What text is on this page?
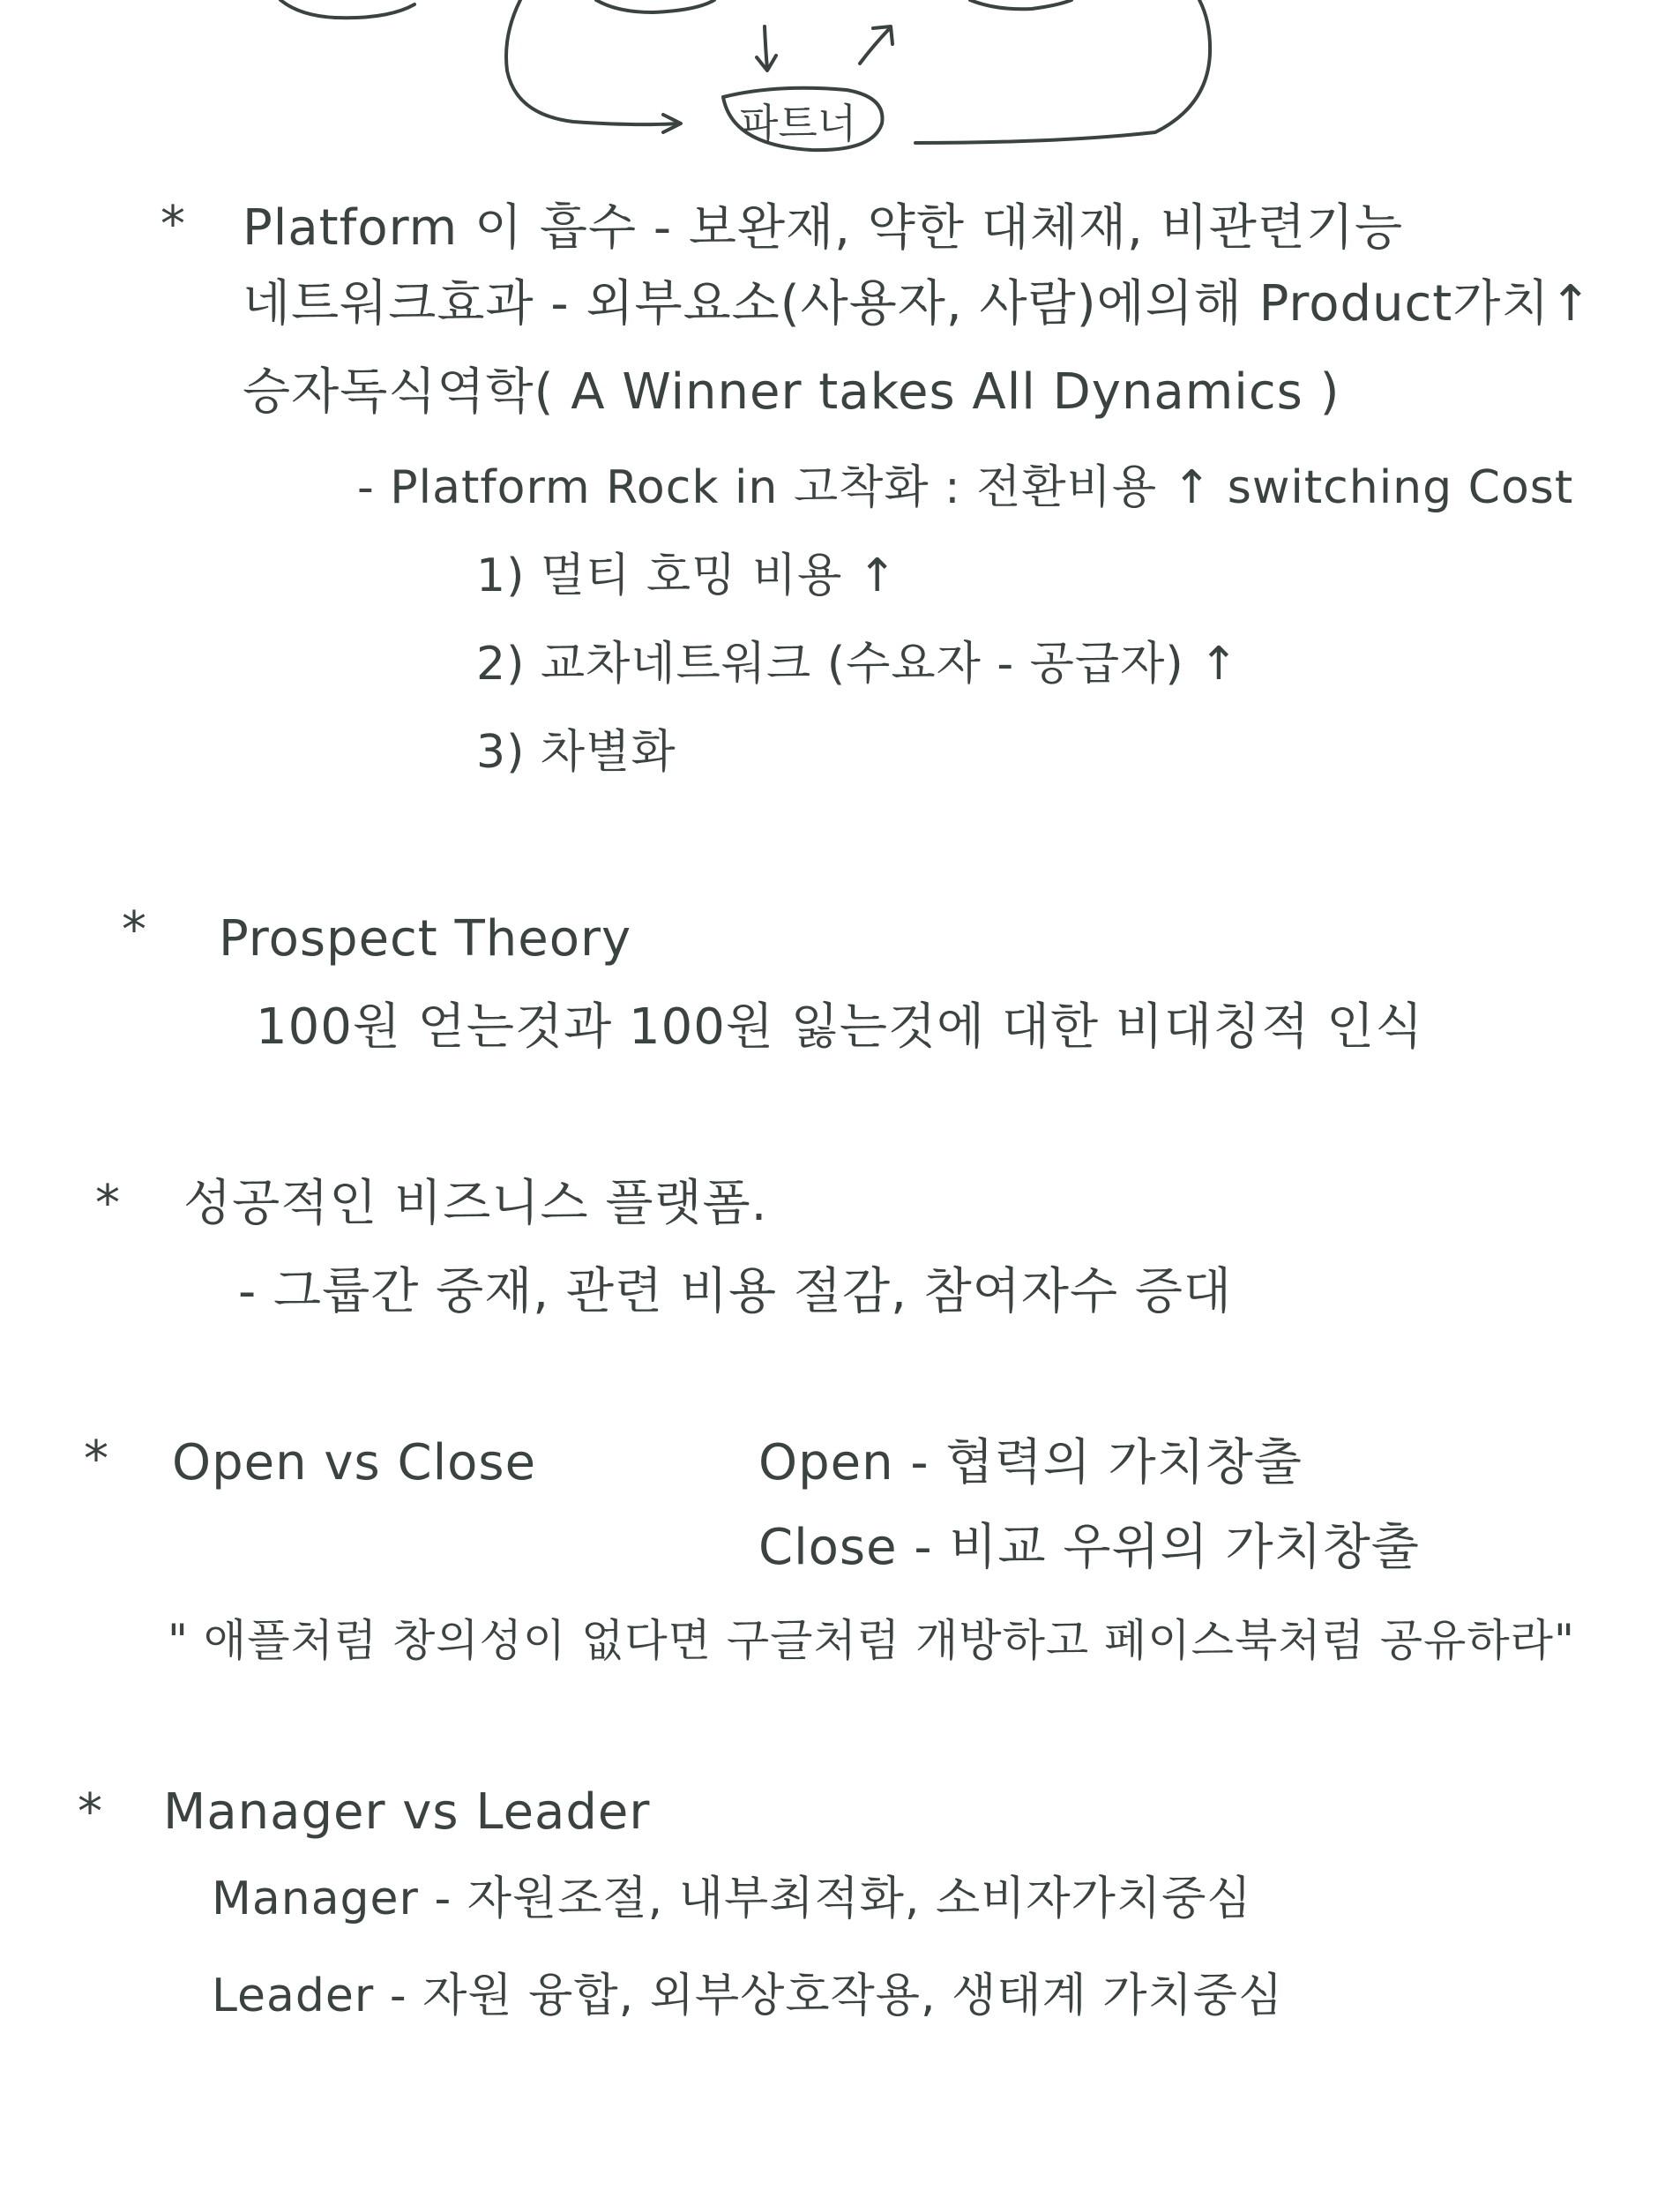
파트너
* Platform 이 흡수 - 보완재, 약한 대체재, 비관련기능
네트워크효과 - 외부요소(사용자, 사람)에의해 Product가치↑
승자독식역학( A Winner takes All Dynamics )
- Platform Rock in 고착화 : 전환비용 ↑ switching Cost
1) 멀티 호밍 비용 ↑
2) 교차네트워크 (수요자 - 공급자) ↑
3) 차별화
* Prospect Theory
100원 얻는것과 100원 잃는것에 대한 비대칭적 인식
* 성공적인 비즈니스 플랫폼.
- 그룹간 중재, 관련 비용 절감, 참여자수 증대
* Open vs Close	Open - 협력의 가치창출
Close - 비교 우위의 가치창출
" 애플처럼 창의성이 없다면 구글처럼 개방하고 페이스북처럼 공유하라"
* Manager vs Leader
Manager - 자원조절, 내부최적화, 소비자가치중심
Leader - 자원 융합, 외부상호작용, 생태계 가치중심
